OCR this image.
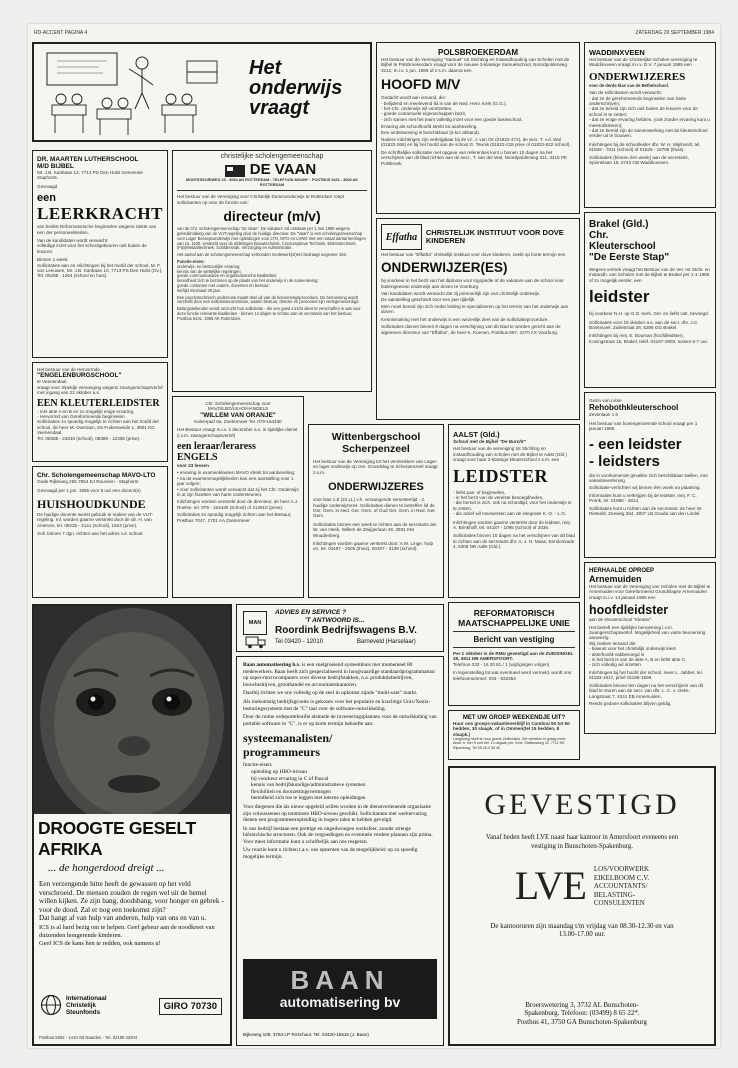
RD-ACCENT PAGINA 4	ZATERDAG 29 SEPTEMBER 1984
Het
onderwijs
vraagt
DR. MAARTEN LUTHERSCHOOL
M/D BIJBEL
Mr. J.B. Kanbaan 12, 7713 PS Den Hulst Gemeente Staphorst.
Gevraagd
een
LEERKRACHT
van beslist Reformatorische beginselen wegens ziekte van een der personeelsleden.
Van de kandidaten wordt verwacht:
volledige inzet voor het schoolgebeuren ook buiten de lesuren.
Binnen 1 week:
Sollicitaties aan en inlichtingen bij het hoofd der school, M. F. van Leeuwen, Mr. J.B. Kanbaan 10, 7713 PS Den Hulst (Ov.), Tel. 05298 - 1264 (school en huis).
Het bestuur van de Hervormde
"ENGELENBURGSCHOOL"
te Veenendaal
vraagt voor 3/peldje vervanging wegens zwangerschapsverlof met ingang van 22 oktober a.s.
EEN KLEUTERLEIDSTER
- met akte A en B en zo mogelijk enige ervaring.
- Hervormd van Gereformeerde beginselen.
Sollicitaties zo spoedig mogelijk te richten aan het hoofd der school, de heer M. Overduin, De Fuikenweide 1, 3901 KG Veenendaal.
Tel. 08385 - 22610 (school), 08385 - 12306 (prive).
Chr. Scholengemeenschap MAVO-LTO
Oude Rijksweg 255 7954 EJ Rouveen - Staphorst
Gevraagd per 1 jan. 1985 voor 6 uur een docent(e)
HUISHOUDKUNDE
De huidige docente wenst gebruik te maken van de VUT-regeling. Inl. worden gaarne verstrekt door de dir. H. van Amerom, tel. 05225 - 2141 (school), 1524 (prive).
Soll. binnen 7 dgn. richten aan het adres v.d. school.
christelijke scholengemeenschap
DE VAAN
MONTESSORIWEG 20 - 3083 AN ROTTERDAM - TELEFOON 840400* - POSTBUS 5431 - 3008 AK ROTTERDAM
Het bestuur van de Vereniging voor Christelijk Dommonderwijs te Rotterdam roept sollicitanten op voor de functie van:
directeur (m/v)
van de Chr. Scholengemeenschap "de Vaan". De vakature zal ontstaan per 1 mei 1985 wegens gebruikmaking van de VUT-regeling door de huidige directeur. De "Vaan" is een scholengemeenschap voor Lager Beroepsonderwijs met opleidingen voor LTO, MTO en LHNO met een totaal aantal leerlingen van ca. 1100, verdeeld over de afdelingen Bouwtechniek, Consumptieve Techniek, Elektrotechniek, (Fijn)Metaaltechniek, Schildersvak, Verzorging en Administratie.
Het aantal aan de scholengemeenschap verbonden medewerk(st)ers bedraagt ongeveer 150.
Functie-eisen:
onderwijs- en bestuurlijke ervaring;
kennis van de wettelijke regelingen;
goede communicatieve en organisatorische kwaliteiten;
bereidheid zich te bezinnen op de plaats van het onderwijs in de samenleving;
goede contacten met ouders, docenten en bestuur;
leeftijd minimaal 35 jaar.
Een psychotechnisch onderzoek maakt deel uit van de benoemingsprocedure. De benoeming wordt verstrekt door een sollicitatiecommissie, waarin bestuur, directie en personeel zijn vertegenwoordigd.
Belangstellenden wordt verzocht hun sollicitatie - die een goed inzicht dient te verschaffen in wat voor deze functie relevante kwaliteiten - binnen 14 dagen te richten aan de secretaris van het bestuur, Postbus 5431, 3008 AK Rotterdam.
Chr. Scholengemeenschap voor MAVO/LBO/LEAO/HANDELS
"WILLEM VAN ORANJE"
Kalverpad 6a, Zoetermeer Tel. 079-164430
Het Bestuur vraagt m.i.v. 1 december a.s. in tijdelijke dienst (i.v.m. zwangerschapsverlof)
een leraar/leraress
ENGELS
voor 23 lessen
• ervaring in examenklassen MAVO strekt tot aanbeveling;
• na de examenmogelijkheden kan een aanstelling voor 1 jaar volgen;
• voor sollicitanten wordt verwacht dat zij het Chr. Onderwijs in al zijn facetten van harte ondersteunen.
Inlichtingen worden verstrekt door de directeur, de heer A.J. Roelse, tel. 079 - 164430 (school) of 212910 (prive).
Sollicitaties zo spoedig mogelijk richten aan het Bestuur, Postbus 7047, 2701 AA Zoetermeer.
Wittenbergschool
Scherpenzeel
Het bestuur van de Vereniging tot het Verstrekken van Lager- en lager onderwijs op Ger. Grondslag te Scherpenzeel vraagt z.s.m.
ONDERWIJZERES
voor klas 1-b (22 LL) v.h. vervangende semestertijd - 2. huidige onderwijzeres. Sollicitaties dienen te betreffen lid de Ger. Gem. in Ned. Ger. Gem. of Oud Ger. Gem. in Ned. Ger. Gem.
Sollicitaties binnen een week te richten aan de secretaris der. W. van Heek, Willem de Zwijgerlaan 49, 3931 KM Woudenberg.
Inlichtingen worden gaarne verstrekt door: A.M. Linge, hulp en, tel. 03497 - 2605 (thuis), 03497 - 3139 (school).
POLSBROEKERDAM
Het bestuur van de Vereniging "Samuel" tot Stichting en Instandhouding van Scholen met de Bijbel te Polsbroekerdam vraagt voor de nieuwe 3-klassige Samuelschool, Noordpolderweg 3212, m.i.v. 1 jan. 1985 of z.s.m. daarna een
HOOFD M/V
Gedacht wordt aan iemand, die:
- belijdend en meelevend lid is van de Ned. Herv. Kerk (G.G.),
- het Chr. onderwijs wil voortzetten,
- goede contactuele eigenschappen bezit,
- zich samen met het team volledig inzet voor een goede basisschool.
Ervaring als schoolhoofd strekt tot aanbeveling.
Een ambtswoning is beschikbaar (5 km afstand).
Nadere inlichtingen zijn verkrijgbaar bij de vz. J. van Os (01822-472), de secr. T. v.d. Wal (01822-266) en bij het hoofd van de school G. Teunis (01822-218 prive of 01822-622 school).
De schriftelijke sollicitatie met opgave van referenties kunt u binnen 10 dagen na het verschijnen van dit blad richten aan de secr., T. van der Wal, Noordpolderweg 311, 3415 PE Polsbroek.
Effatha	CHRISTELIJK INSTITUUT VOOR DOVE KINDEREN
Het bestuur van "Effatha" christelijk instituut voor dove kinderen, zoekt op korte termijn een
ONDERWIJZER(ES)
bij voorkeur in het bezit van het diploma voor logopedie of de vakature aan de school voor buitengewoon onderwijs aan doven te Voorburg.
Van kandidaten wordt verwacht dat zij persoonlijk zijn van christelijk onderwijs.
De aanstelling geschiedt voor een jaar tijdelijk.
Men moet bereid zijn zich onder leiding te specialiseren op het terrein van het onderwijs aan doven.
Kennismaking met het onderwijs is een wezenlijk deel van de sollicitatieprocedure.
Sollicitaties dienen binnen 8 dagen na verschijning van dit blad te worden gericht aan de algemeen directeur van "Effatha", de heer K. Koenen, Postbus 867, 2270 AX Voorburg.
AALST (Gld.)
School met de Bijbel "De Burcht"
Het bestuur van de vereniging tot Stichting en instandhouding van scholen met de Bijbel te Aalst (Gld.) vraagt voor haar 2-klassige kleuterschool z.s.m. een
LEIDSTER
- liefst pas- of beginselen,
- in het bezit van de vereiste bevoegdheden,
- die bereid is zich, ook na schooltijd, voor het onderwijs in te zetten,
- die actief wil meewerken aan de integratie K.-O. - L.O.
Inlichtingen worden gaarne verstrekt door de leidster, mej. A. Brinkhoff, tel. 04187 - 1095 (school) of 2036.
Sollicitaties binnen 10 dagen na het verschijnen van dit blad te richten aan de secretaris dhr. A. J. H. Maas, Eendenkade 4, 5308 NR Aalst (Gld.).
WADDINXVEEN
Het bestuur van de Christelijke Scholen-vereniging te Waddinxveen vraagt m.i.v. D.V. 7 januari 1985 een
ONDERWIJZERES
voor de derde klas van de Bethelschool.
Van de sollicitanten wordt verwacht:
- dat ze de gereformeerde beginselen van harte onderschrijven;
- dat ze bereid zijn zich ook buiten de lesuren voor de school in te zetten;
- dat ze enige ervaring hebben, (ook zonder ervaring kunt u meesolliciteren);
- dat ze bereid zijn de samenwerking met de kleuterschool verder uit te bouwen.
Inlichtingen bij de schoolleider dhr. W. H. Mijnhardt, tel. 01828 - 7811 (school) of 01828 - 16705 (thuis).
Sollicitaties (binnen één week) aan de secretaris, Spinnelaan 18, 2742 GB Waddinxveen.
Brakel (Gld.)
Chr.
Kleuterschool
"De Eerste Stap"
Wegens vertrek vraagt het Bestuur van de Ver. tot Stcht. en Instandh. van Scholen met de Bijbel te Brakel per 1-1-1985 of zo mogelijk eerder, een
leidster
bij voorkeur N.H. op G.G.-kerk, Ger. en liefst volt. bevoegd.
Sollicitaties voor 19 oktober a.s. aan de secr. dhr. J.C. Bosheuvel, Zuilestraat 28, 5306 GG Brakel.
Inlichtingen bij mej. E. Bouman (hoofdleidster), Koningstraat 15, Brakel, telef. 04187-2903, tussen 5-7 uur.
Gezin van Lisse
Rehobothkleuterschool
Zevenlaan 1 b
Het bestuur van bovengenoemde school vraagt per 1 januari 1985
- een leidster
- leidsters
die in voorkomende gevallen zich beschikbaar stellen, met vakantieverlening.
Sollicitatie-verlichten wij binnen één week na plaatsing.
Informaties kunt u verkrijgen bij de leidster, mej. F. C. Pronk, tel. 01898 - 2814.
Sollicitaties kunt u richten aan de secretaris: de heer W. Rietveld, Zeeweg 264, 2807 LB Gouda van den Lindel.
HERHAALDE OPROEP
Arnemuiden
Het bestuur van de Vereniging van Scholen met de Bijbel te Arnemuiden voor Gereformeerd Grondslagse Arnemuiden vraagt m.i.v. 14 januari 1985 een
hoofdleidster
aan de Kleuterschool "Kleuter".
Het betreft een tijdelijke benoeming i.v.m. zwangerschapsverlof. Mogelijkheid van vaste benoeming aanwezig.
Wij zoeken iemand die:
- bewust voor het christelijk onderwijs kiest
- akte/hoofd-vakbevoegd is
- in het bezit is van de akte A, B en liefst akte C
- zich volledig wil inzetten
Inlichtingen bij het hoofd der school, meer L. Jabber, tel. 01183-1917, privé 01196-1508.
Sollicitaties binnen tien dagen na het verschijnen van dit blad te sturen aan de secr. van dhr. L. C. v. Oeke, Langstraat 7, 4341 EB Arnemuiden.
Reeds gedane sollicitaties blijven geldig.
REFORMATORISCH MAATSCHAPPELIJKE UNIE
Bericht van vestiging
Per 1 oktober is de RMU gevestigd aan de ZUIDSINGEL 28, 3811 HB AMERSFOORT.
Telefoon 033 - 16 20 81 / 1 (wijzigingen volgen)
In tegenstelling tot wat eventueel werd vermeld, wordt ons telefoonnummer: 033 - 632354
MET UW GROEP WEEKENDJE UIT?
Huur ons groeps-vakantieverblijf in Cambrai 50 tot 60 bedden, 30 slaapk. of in Ommen(tel 15 bedden, 8 slaapk.)
Langeweg heeft te huur goede Zeilbootjes. We vertellen er graag meer. Alsdr. n. hier 5 rust bel. 1x uitgaan per. mnd. Stationsweg 32, 7711 HE Rijsenbrug, Tel 05 26-3 38 45
GEVESTIGD
Vanaf heden heeft LVE naast haar kantoor in Amersfoort eveneens een vestiging in Bunschoten-Spakenburg.
LVE LOS/VOORWERK
EIKELBOOM C.V.
ACCOUNTANTS/
BELASTING-
CONSULENTEN
De kantooruren zijn maandag t/m vrijdag van 08.30-12.30 en van 13.00-17.00 uur.
Broerswetering 3, 3732 AL Bunschoten-
Spakenburg. Telefoon: (03499) 8 65 22*.
Postbus 41, 3750 GA Bunschoten-Spakenburg
DROOGTE GESELT AFRIKA
... de hongerdood dreigt ...
Een verzengende hitte heeft de gewassen op het veld verschroeid. De mensen zouden de regen wel uit de hemel willen kijken. Ze zijn bang, doodsbang, voor honger en gebrek - voor de dood. Zal er nog een toekomst zijn?
Dat hangt af van hulp van anderen, hulp van ons en van u.
ICS is al hard bezig om te helpen. Geef gebeur aan de noodkreet van duizenden hongerende kinderen.
Geef ICS de kans hen te redden, ook namens u!
Internationaal
Christelijk
Steunfonds	GIRO 70730
Postbus 5092 - 1410 AB Naarden - Tel. 02159 43204
MAN
ADVIES EN SERVICE ?
'T ANTWOORD IS...
Roordink Bedrijfswagens B.V.
Tel 03420 - 12010	Barneveld (Harselaar)
Baan automatisering b.v. is een snelgroeiend systeemhuis met momenteel 80 medewerkers. Baan heeft zich gespecialiseerd in hoogwaardige standaardprogrammatuur op super-microcomputers voor diverse bedrijfstakken, o.a. produktiebedrijven, bouwbedrijven, groothandel en accountantskantoren.
Daarbij richten we ons volledig op de snel in opkomst zijnde "multi-user" markt.
Als toekomstig bedrijfsgrootte is gekozen voor het populaire en krachtige Unix/Xenix-besturingssysteem met de "C" taal voor de software-ontwikkeling.
Door de ruime ordeportefeuille alsmede de investeringsplannen voor de ontwikkeling van portable software in "C", is er op korte termijn behoefte aan:
systeemanalisten/
programmeurs
functie-eisen:
opleiding op HBO-niveau
bij voorkeur ervaring in C of Pascal
kennis van bedrijfskundige/administratieve systemen
flexibiliteit en doorzettingsvermogen
bereidheid zich toe te leggen met interne opleidingen
Voor diegenen die als nieuw opgeleid willen worden in de dienstverlenende organisatie zijn volwassenen op tenminste HBO-niveau geschikt. Sollicitanten met werkervaring dienen een programmeeropleiding in hogere talen te hebben gevolgd.
In ons bedrijf bestaan een prettige en ongedwongen werksfeer, zonder strenge hiërarchische structuren. Ook de vergoedingen en eventuele verdere plannen zijn prima. Voor meer informatie kunt u schriftelijk aan ons reageren.
Uw reactie kunt u richten t.a.v. ons opnemen van de mogelijkheid: op zo spoedig mogelijke termijn.
BAAN
automatisering bv
Bijkeweg 109, 3784 LP Terschuur. Tel. 03420-15516 (J. Baan)
